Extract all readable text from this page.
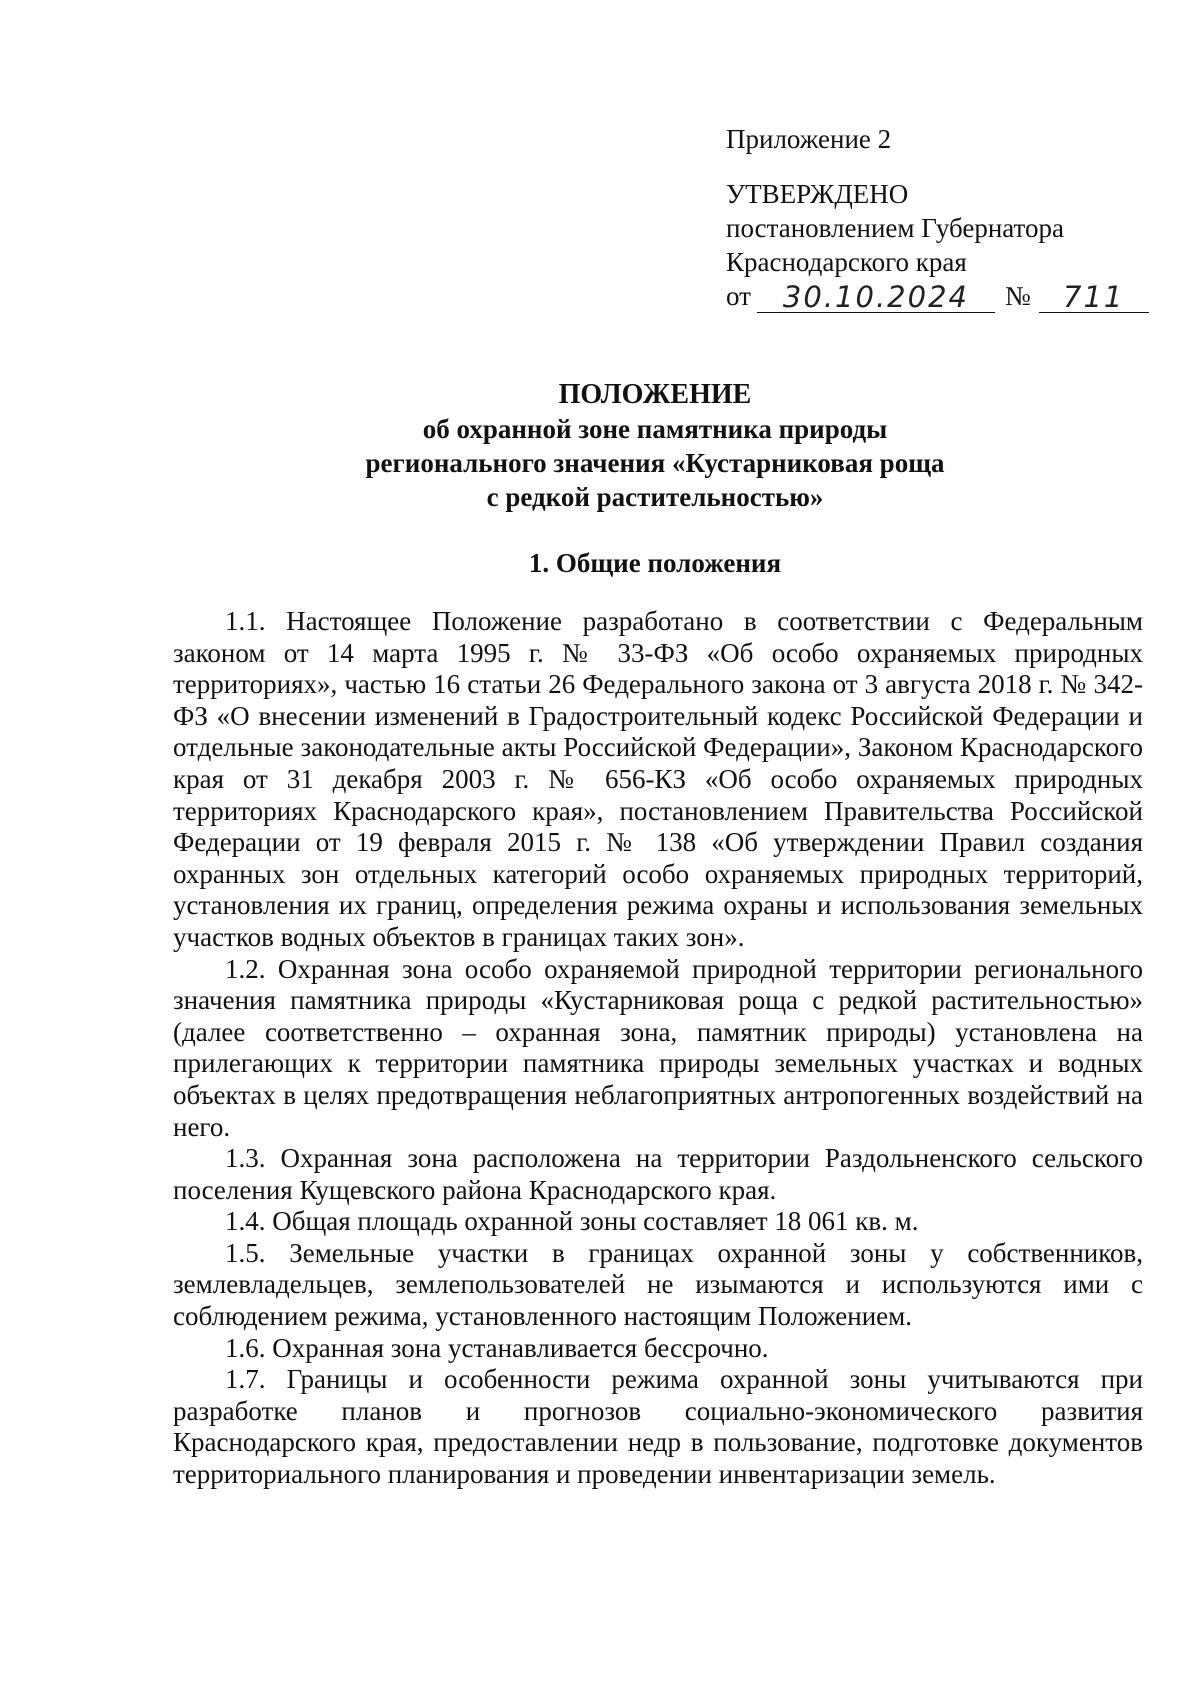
Приложение 2
УТВЕРЖДЕНО
постановлением Губернатора
Краснодарского края
от	30.10.2024	№	711
ПОЛОЖЕНИЕ
об охранной зоне памятника природы
регионального значения «Кустарниковая роща
с редкой растительностью»
1. Общие положения

1.1. Настоящее Положение разработано в соответствии с Федеральным законом от 14 марта 1995 г. № 33-ФЗ «Об особо охраняемых природных территориях», частью 16 статьи 26 Федерального закона от 3 августа 2018 г. № 342-ФЗ «О внесении изменений в Градостроительный кодекс Российской Федерации и отдельные законодательные акты Российской Федерации», Законом Краснодарского края от 31 декабря 2003 г. № 656-КЗ «Об особо охраняемых природных территориях Краснодарского края», постановлением Правительства Российской Федерации от 19 февраля 2015 г. № 138 «Об утверждении Правил создания охранных зон отдельных категорий особо охраняемых природных территорий, установления их границ, определения режима охраны и использования земельных участков водных объектов в границах таких зон».

1.2. Охранная зона особо охраняемой природной территории регионального значения памятника природы «Кустарниковая роща с редкой растительностью» (далее соответственно – охранная зона, памятник природы) установлена на прилегающих к территории памятника природы земельных участках и водных объектах в целях предотвращения неблагоприятных антропогенных воздействий на него.

1.3. Охранная зона расположена на территории Раздольненского сельского поселения Кущевского района Краснодарского края.

1.4. Общая площадь охранной зоны составляет 18 061 кв. м.

1.5. Земельные участки в границах охранной зоны у собственников, землевладельцев, землепользователей не изымаются и используются ими с соблюдением режима, установленного настоящим Положением.

1.6. Охранная зона устанавливается бессрочно.

1.7. Границы и особенности режима охранной зоны учитываются при разработке планов и прогнозов социально-экономического развития Краснодарского края, предоставлении недр в пользование, подготовке документов территориального планирования и проведении инвентаризации земель.
